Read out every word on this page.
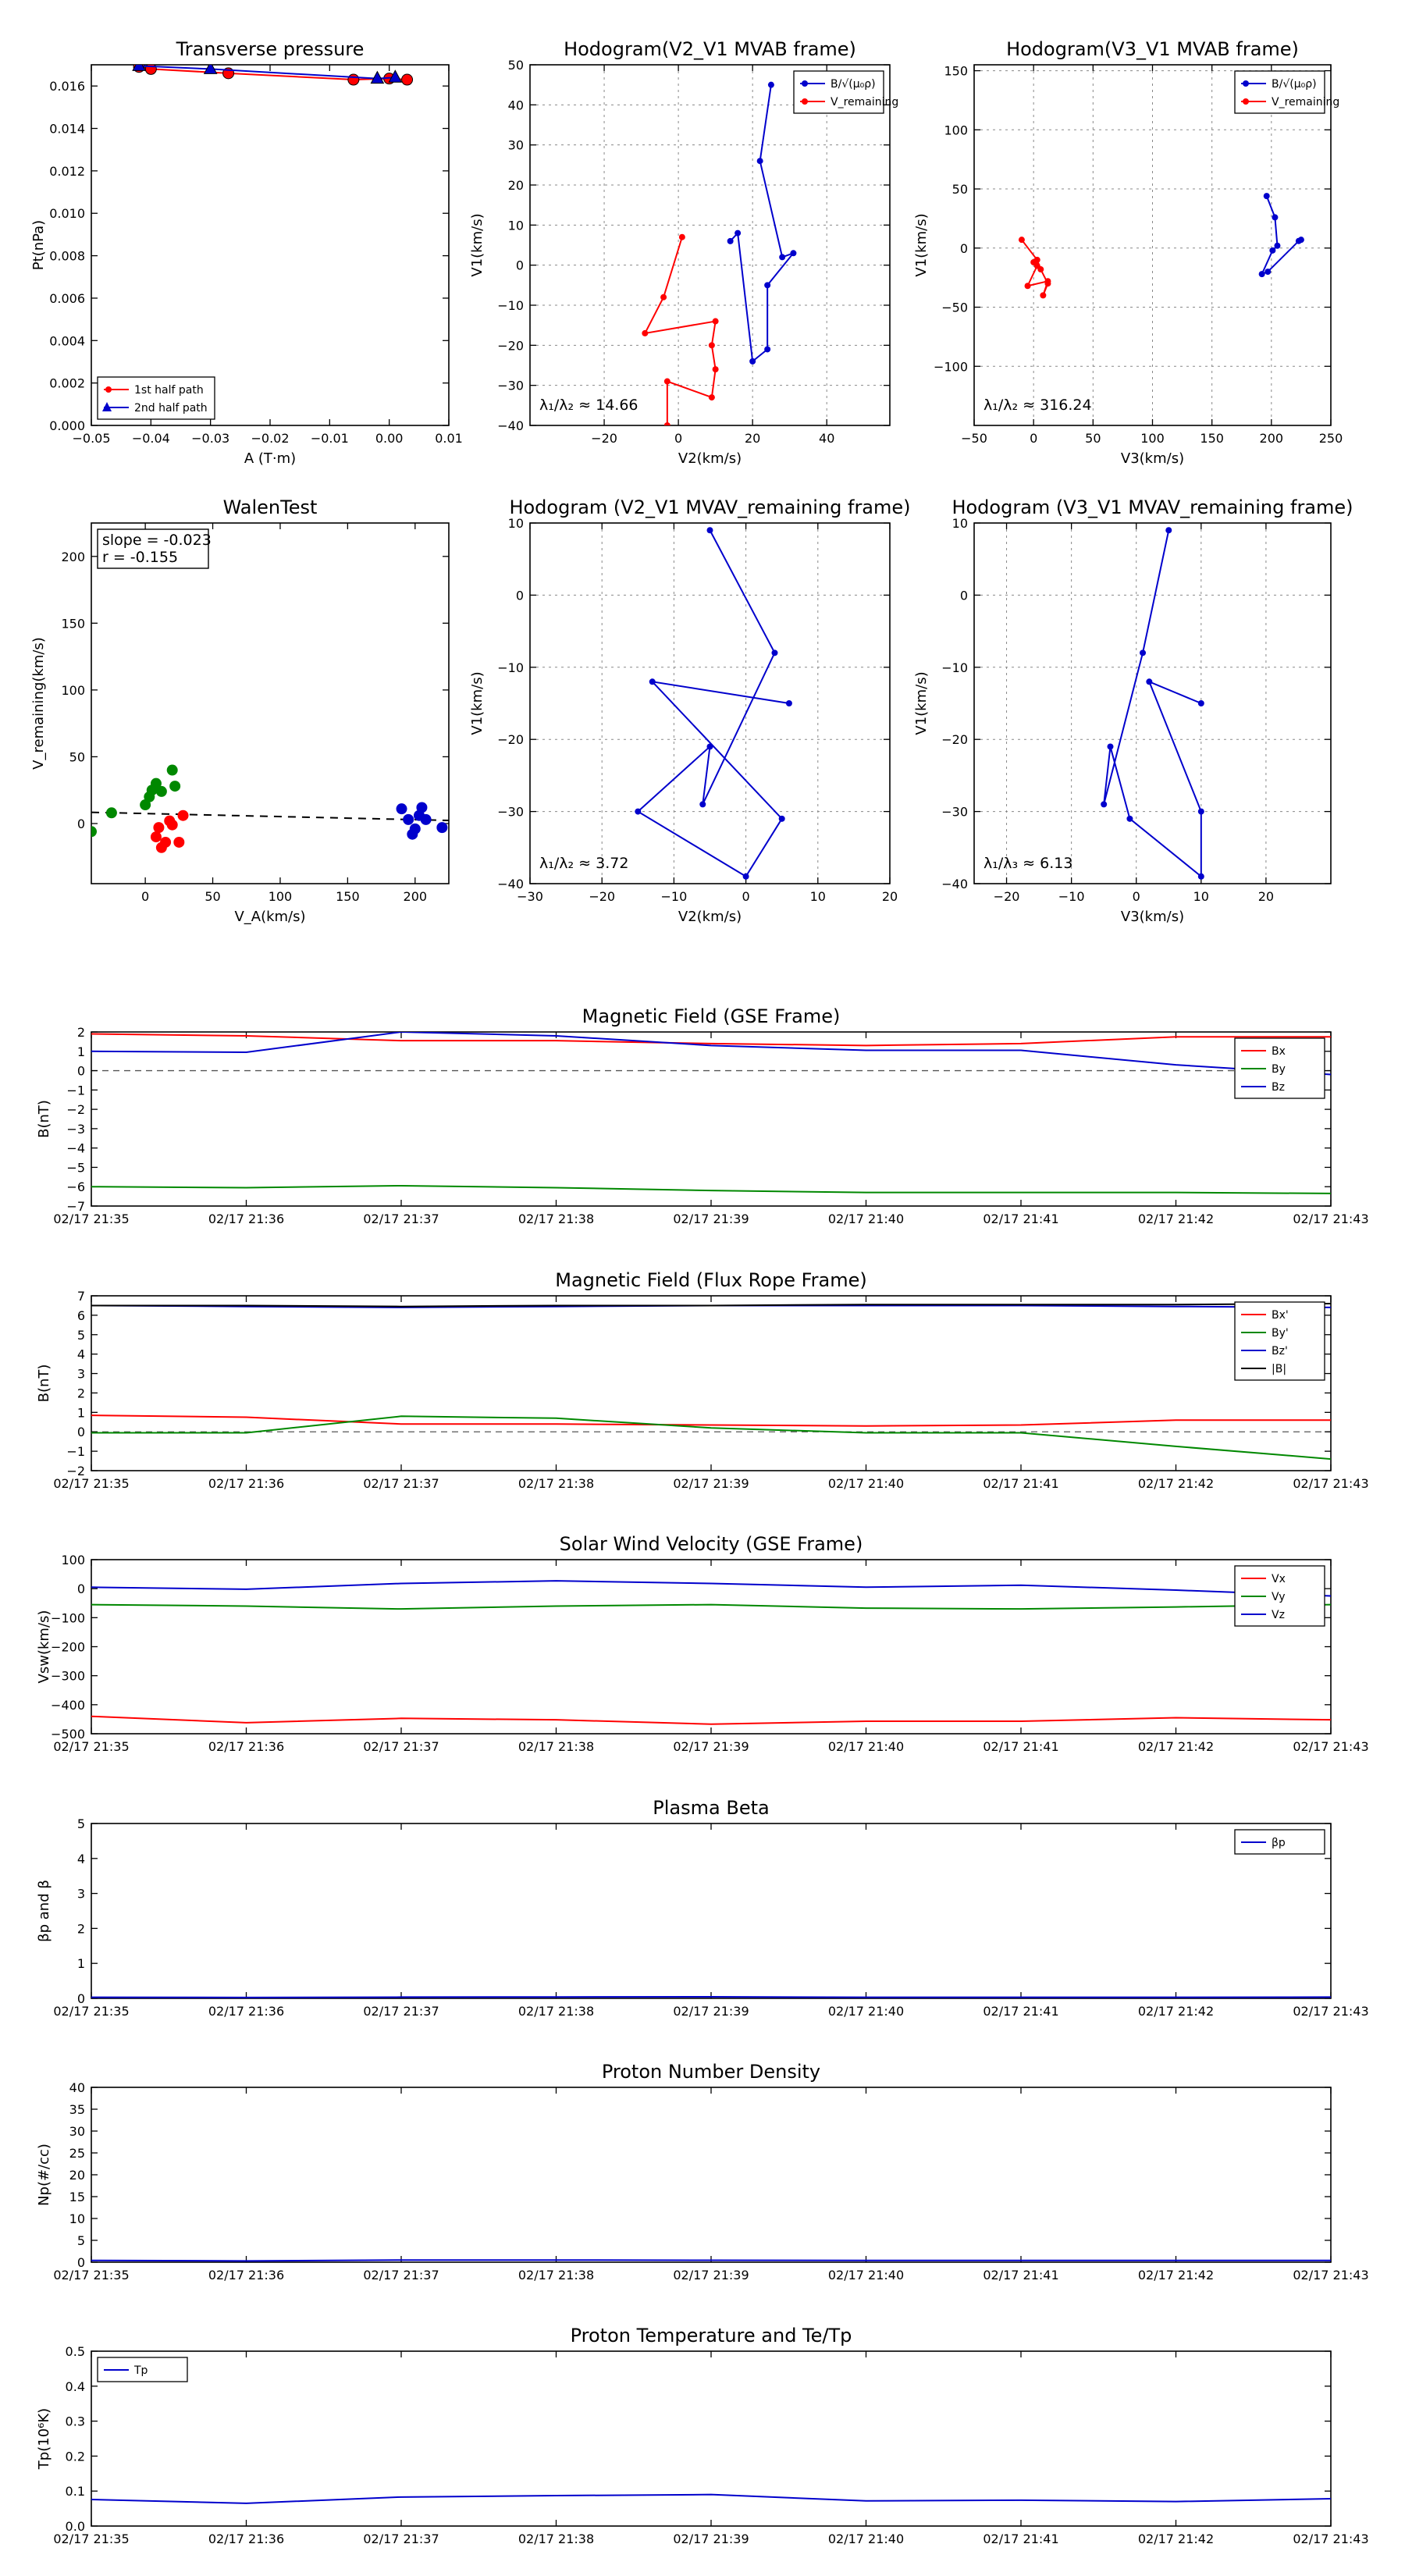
−0.05 −0.04 −0.03 −0.02 −0.01 0.00	0.01
0.000
0.002
0.004
0.006
0.008
0.010
0.012
0.014
0.016
Transverse pressure
A (T·m)
Pt(nPa)
1st half path
2nd half path
−20	0	20	40
−40
−30
−20
−10
0
10
20
30
40
50
Hodogram(V2_V1 MVAB frame)
V2(km/s)
V1(km/s)
λ₁/λ₂ ≈ 14.66
B/√(μ₀ρ)
V_remaining
−50	0	50	100	150	200	250
−100
−50
0
50
100
150
Hodogram(V3_V1 MVAB frame)
V3(km/s)
V1(km/s)
λ₁/λ₂ ≈ 316.24
B/√(μ₀ρ)
V_remaining
0	50	100	150	200
0
50
100
150
200
WalenTest
V_A(km/s)
V_remaining(km/s)
slope = -0.023
r = -0.155
−30	−20	−10	0	10	20
−40
−30
−20
−10
0
10
Hodogram (V2_V1 MVAV_remaining frame)
V2(km/s)
V1(km/s)
λ₁/λ₂ ≈ 3.72
−20	−10	0	10	20
−40
−30
−20
−10
0
10
Hodogram (V3_V1 MVAV_remaining frame)
V3(km/s)
V1(km/s)
λ₁/λ₃ ≈ 6.13
02/17 21:35	02/17 21:36	02/17 21:37	02/17 21:38	02/17 21:39	02/17 21:40	02/17 21:41	02/17 21:42	02/17 21:43
−7
−6
−5
−4
−3
−2
−1
0
1
2
Magnetic Field (GSE Frame)
B(nT)
Bx
By
Bz
02/17 21:35	02/17 21:36	02/17 21:37	02/17 21:38	02/17 21:39	02/17 21:40	02/17 21:41	02/17 21:42	02/17 21:43
−2
−1
0
1
2
3
4
5
6
7
Magnetic Field (Flux Rope Frame)
B(nT)
Bx'
By'
Bz'
|B|
02/17 21:35	02/17 21:36	02/17 21:37	02/17 21:38	02/17 21:39	02/17 21:40	02/17 21:41	02/17 21:42	02/17 21:43
−500
−400
−300
−200
−100
0
100
Solar Wind Velocity (GSE Frame)
Vsw(km/s)
Vx
Vy
Vz
02/17 21:35	02/17 21:36	02/17 21:37	02/17 21:38	02/17 21:39	02/17 21:40	02/17 21:41	02/17 21:42	02/17 21:43
0
1
2
3
4
5
Plasma Beta
βp and β
βp
02/17 21:35	02/17 21:36	02/17 21:37	02/17 21:38	02/17 21:39	02/17 21:40	02/17 21:41	02/17 21:42	02/17 21:43
0
5
10
15
20
25
30
35
40
Proton Number Density
Np(#/cc)
02/17 21:35	02/17 21:36	02/17 21:37	02/17 21:38	02/17 21:39	02/17 21:40	02/17 21:41	02/17 21:42	02/17 21:43
0.0
0.1
0.2
0.3
0.4
0.5
Proton Temperature and Te/Tp
Tp(10⁶K)
Tp
